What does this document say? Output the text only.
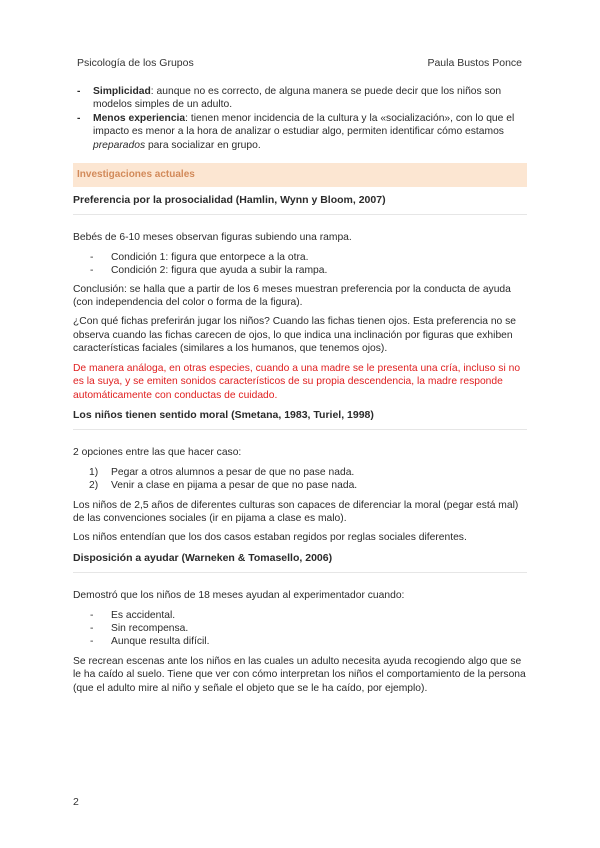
Psicología de los Grupos	Paula Bustos Ponce
- Simplicidad: aunque no es correcto, de alguna manera se puede decir que los niños son modelos simples de un adulto.
- Menos experiencia: tienen menor incidencia de la cultura y la «socialización», con lo que el impacto es menor a la hora de analizar o estudiar algo, permiten identificar cómo estamos preparados para socializar en grupo.
Investigaciones actuales
Preferencia por la prosocialidad (Hamlin, Wynn y Bloom, 2007)

Bebés de 6-10 meses observan figuras subiendo una rampa.

- Condición 1: figura que entorpece a la otra.
- Condición 2: figura que ayuda a subir la rampa.

Conclusión: se halla que a partir de los 6 meses muestran preferencia por la conducta de ayuda (con independencia del color o forma de la figura).

¿Con qué fichas preferirán jugar los niños? Cuando las fichas tienen ojos. Esta preferencia no se observa cuando las fichas carecen de ojos, lo que indica una inclinación por figuras que exhiben características faciales (similares a los humanos, que tenemos ojos).

De manera análoga, en otras especies, cuando a una madre se le presenta una cría, incluso si no es la suya, y se emiten sonidos característicos de su propia descendencia, la madre responde automáticamente con conductas de cuidado.

Los niños tienen sentido moral (Smetana, 1983, Turiel, 1998)

2 opciones entre las que hacer caso:

1) Pegar a otros alumnos a pesar de que no pase nada.
2) Venir a clase en pijama a pesar de que no pase nada.

Los niños de 2,5 años de diferentes culturas son capaces de diferenciar la moral (pegar está mal) de las convenciones sociales (ir en pijama a clase es malo).

Los niños entendían que los dos casos estaban regidos por reglas sociales diferentes.

Disposición a ayudar (Warneken & Tomasello, 2006)

Demostró que los niños de 18 meses ayudan al experimentador cuando:

- Es accidental.
- Sin recompensa.
- Aunque resulta difícil.

Se recrean escenas ante los niños en las cuales un adulto necesita ayuda recogiendo algo que se le ha caído al suelo. Tiene que ver con cómo interpretan los niños el comportamiento de la persona (que el adulto mire al niño y señale el objeto que se le ha caído, por ejemplo).

2
